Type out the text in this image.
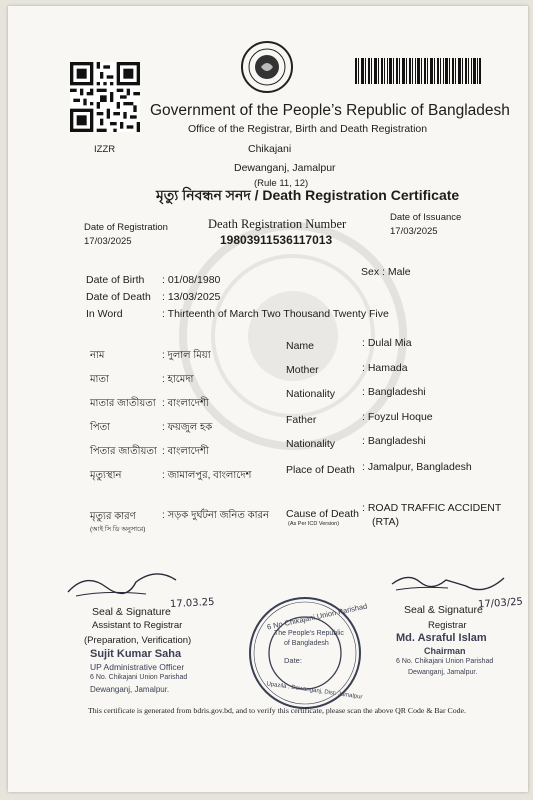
IZZR
Government of the People’s Republic of Bangladesh
Office of the Registrar, Birth and Death Registration
Chikajani
Dewanganj, Jamalpur
(Rule 11, 12)
মৃত্যু নিবন্ধন সনদ / Death Registration Certificate
Date of Registration
17/03/2025
Death Registration Number
19803911536117013
Date of Issuance
17/03/2025
Date of Birth : 01/08/1980
Date of Death : 13/03/2025
In Word	: Thirteenth of March Two Thousand Twenty Five
Sex : Male
নাম	: দুলাল মিয়া
মাতা	: হামেদা
মাতার জাতীয়তা : বাংলাদেশী
পিতা	: ফয়জুল হক
পিতার জাতীয়তা : বাংলাদেশী
মৃত্যুস্থান	: জামালপুর, বাংলাদেশ
মৃত্যুর কারণ
(আই সি ডি অনুসারে)
: সড়ক দুর্ঘটনা জনিত কারন
Name	: Dulal Mia
Mother	: Hamada
Nationality	: Bangladeshi
Father	: Foyzul Hoque
Nationality	: Bangladeshi
Place of Death : Jamalpur, Bangladesh
Cause of Death
(As Per ICD Version)
: ROAD TRAFFIC ACCIDENT
(RTA)
17.03.25
Seal & Signature
Assistant to Registrar
(Preparation, Verification)
Sujit Kumar Saha
UP Administrative Officer
6 No. Chikajani Union Parishad
Dewanganj, Jamalpur.
6 No Chikajani Union Parishad
The People's Republic
of Bangladesh
Date:
Upazila : Dewanganj, Dist: Jamalpur
17/03/25
Seal & Signature
Registrar
Md. Asraful Islam
Chairman
6 No. Chikajani Union Parishad
Dewanganj, Jamalpur.
This certificate is generated from bdris.gov.bd, and to verify this certificate, please scan the above QR Code & Bar Code.
